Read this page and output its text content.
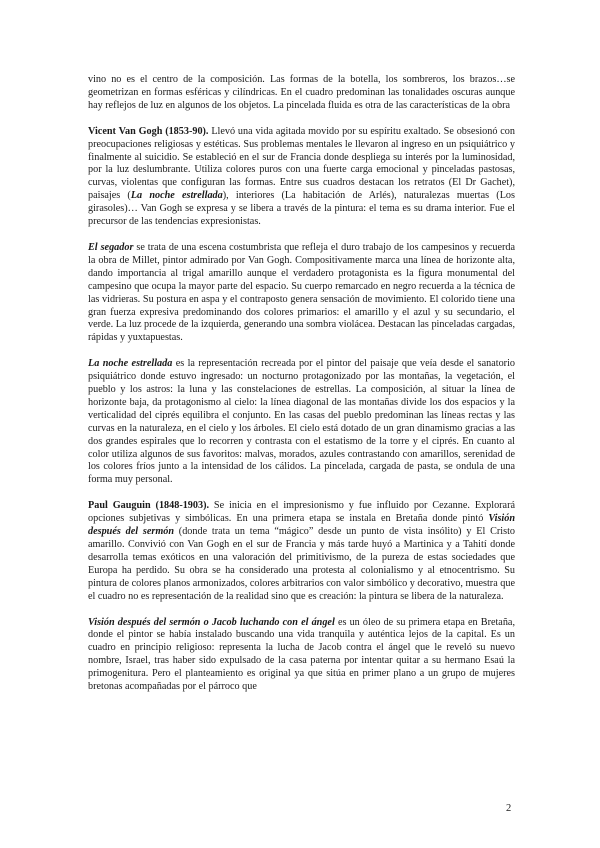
vino no es el centro de la composición. Las formas de la botella, los sombreros, los brazos…se geometrizan en formas esféricas y cilíndricas. En el cuadro predominan las tonalidades oscuras aunque hay reflejos de luz en algunos de los objetos. La pincelada fluida es otra de las características de la obra

Vicent Van Gogh (1853-90). Llevó una vida agitada movido por su espíritu exaltado. Se obsesionó con preocupaciones religiosas y estéticas. Sus problemas mentales le llevaron al ingreso en un psiquiátrico y finalmente al suicidio. Se estableció en el sur de Francia donde despliega su interés por la luminosidad, por la luz deslumbrante. Utiliza colores puros con una fuerte carga emocional y pinceladas pastosas, curvas, violentas que configuran las formas. Entre sus cuadros destacan los retratos (El Dr Gachet), paisajes (La noche estrellada), interiores (La habitación de Arlés), naturalezas muertas (Los girasoles)… Van Gogh se expresa y se libera a través de la pintura: el tema es su drama interior. Fue el precursor de las tendencias expresionistas.

El segador se trata de una escena costumbrista que refleja el duro trabajo de los campesinos y recuerda la obra de Millet, pintor admirado por Van Gogh. Compositivamente marca una línea de horizonte alta, dando importancia al trigal amarillo aunque el verdadero protagonista es la figura monumental del campesino que ocupa la mayor parte del espacio. Su cuerpo remarcado en negro recuerda a la técnica de las vidrieras. Su postura en aspa y el contraposto genera sensación de movimiento. El colorido tiene una gran fuerza expresiva predominando dos colores primarios: el amarillo y el azul y su secundario, el verde. La luz procede de la izquierda, generando una sombra violácea. Destacan las pinceladas cargadas, rápidas y yuxtapuestas.

La noche estrellada es la representación recreada por el pintor del paisaje que veía desde el sanatorio psiquiátrico donde estuvo ingresado: un nocturno protagonizado por las montañas, la vegetación, el pueblo y los astros: la luna y las constelaciones de estrellas. La composición, al situar la línea de horizonte baja, da protagonismo al cielo: la línea diagonal de las montañas divide los dos espacios y la verticalidad del ciprés equilibra el conjunto. En las casas del pueblo predominan las líneas rectas y las curvas en la naturaleza, en el cielo y los árboles. El cielo está dotado de un gran dinamismo gracias a las dos grandes espirales que lo recorren y contrasta con el estatismo de la torre y el ciprés. En cuanto al color utiliza algunos de sus favoritos: malvas, morados, azules contrastando con amarillos, serenidad de los colores fríos junto a la intensidad de los cálidos. La pincelada, cargada de pasta, se ondula de una forma muy personal.

Paul Gauguin (1848-1903). Se inicia en el impresionismo y fue influido por Cezanne. Explorará opciones subjetivas y simbólicas. En una primera etapa se instala en Bretaña donde pintó Visión después del sermón (donde trata un tema “mágico” desde un punto de vista insólito) y El Cristo amarillo. Convivió con Van Gogh en el sur de Francia y más tarde huyó a Martinica y a Tahití donde desarrolla temas exóticos en una valoración del primitivismo, de la pureza de estas sociedades que Europa ha perdido. Su obra se ha considerado una protesta al colonialismo y al etnocentrismo. Su pintura de colores planos armonizados, colores arbitrarios con valor simbólico y decorativo, muestra que el cuadro no es representación de la realidad sino que es creación: la pintura se libera de la naturaleza.

Visión después del sermón o Jacob luchando con el ángel es un óleo de su primera etapa en Bretaña, donde el pintor se había instalado buscando una vida tranquila y auténtica lejos de la capital. Es un cuadro en principio religioso: representa la lucha de Jacob contra el ángel que le reveló su nuevo nombre, Israel, tras haber sido expulsado de la casa paterna por intentar quitar a su hermano Esaú la primogenitura. Pero el planteamiento es original ya que sitúa en primer plano a un grupo de mujeres bretonas acompañadas por el párroco que

2
